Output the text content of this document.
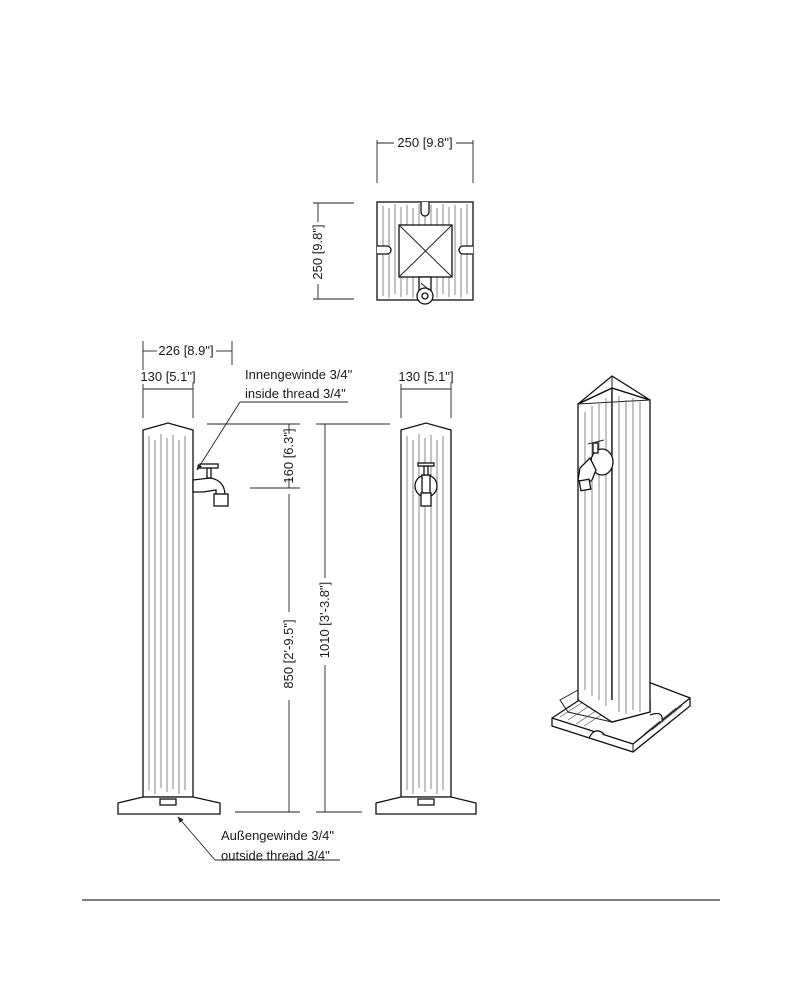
250 [9.8"]
250 [9.8"]
226 [8.9"]
130 [5.1"]	Innengewinde 3/4"
inside thread 3/4"
Außengewinde 3/4"
outside thread 3/4"
160 [6.3"]
850 [2'-9.5"]
130 [5.1"]
1010 [3'-3.8"]
